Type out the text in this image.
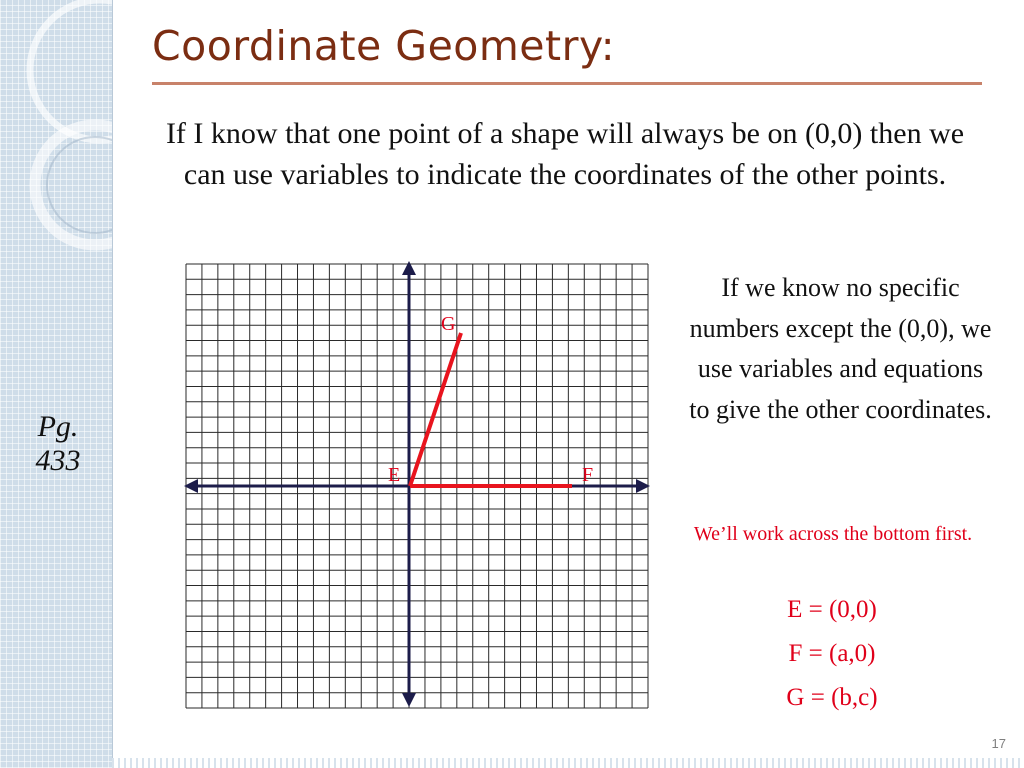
Coordinate Geometry:

If I know that one point of a shape will always be on (0,0) then we can use variables to indicate the coordinates of the other points.

Pg.
433	E	F
G

If we know no specific numbers except the (0,0), we use variables and equations to give the other coordinates.

We’ll work across the bottom first.

E = (0,0)
F = (a,0)
G = (b,c)
17
